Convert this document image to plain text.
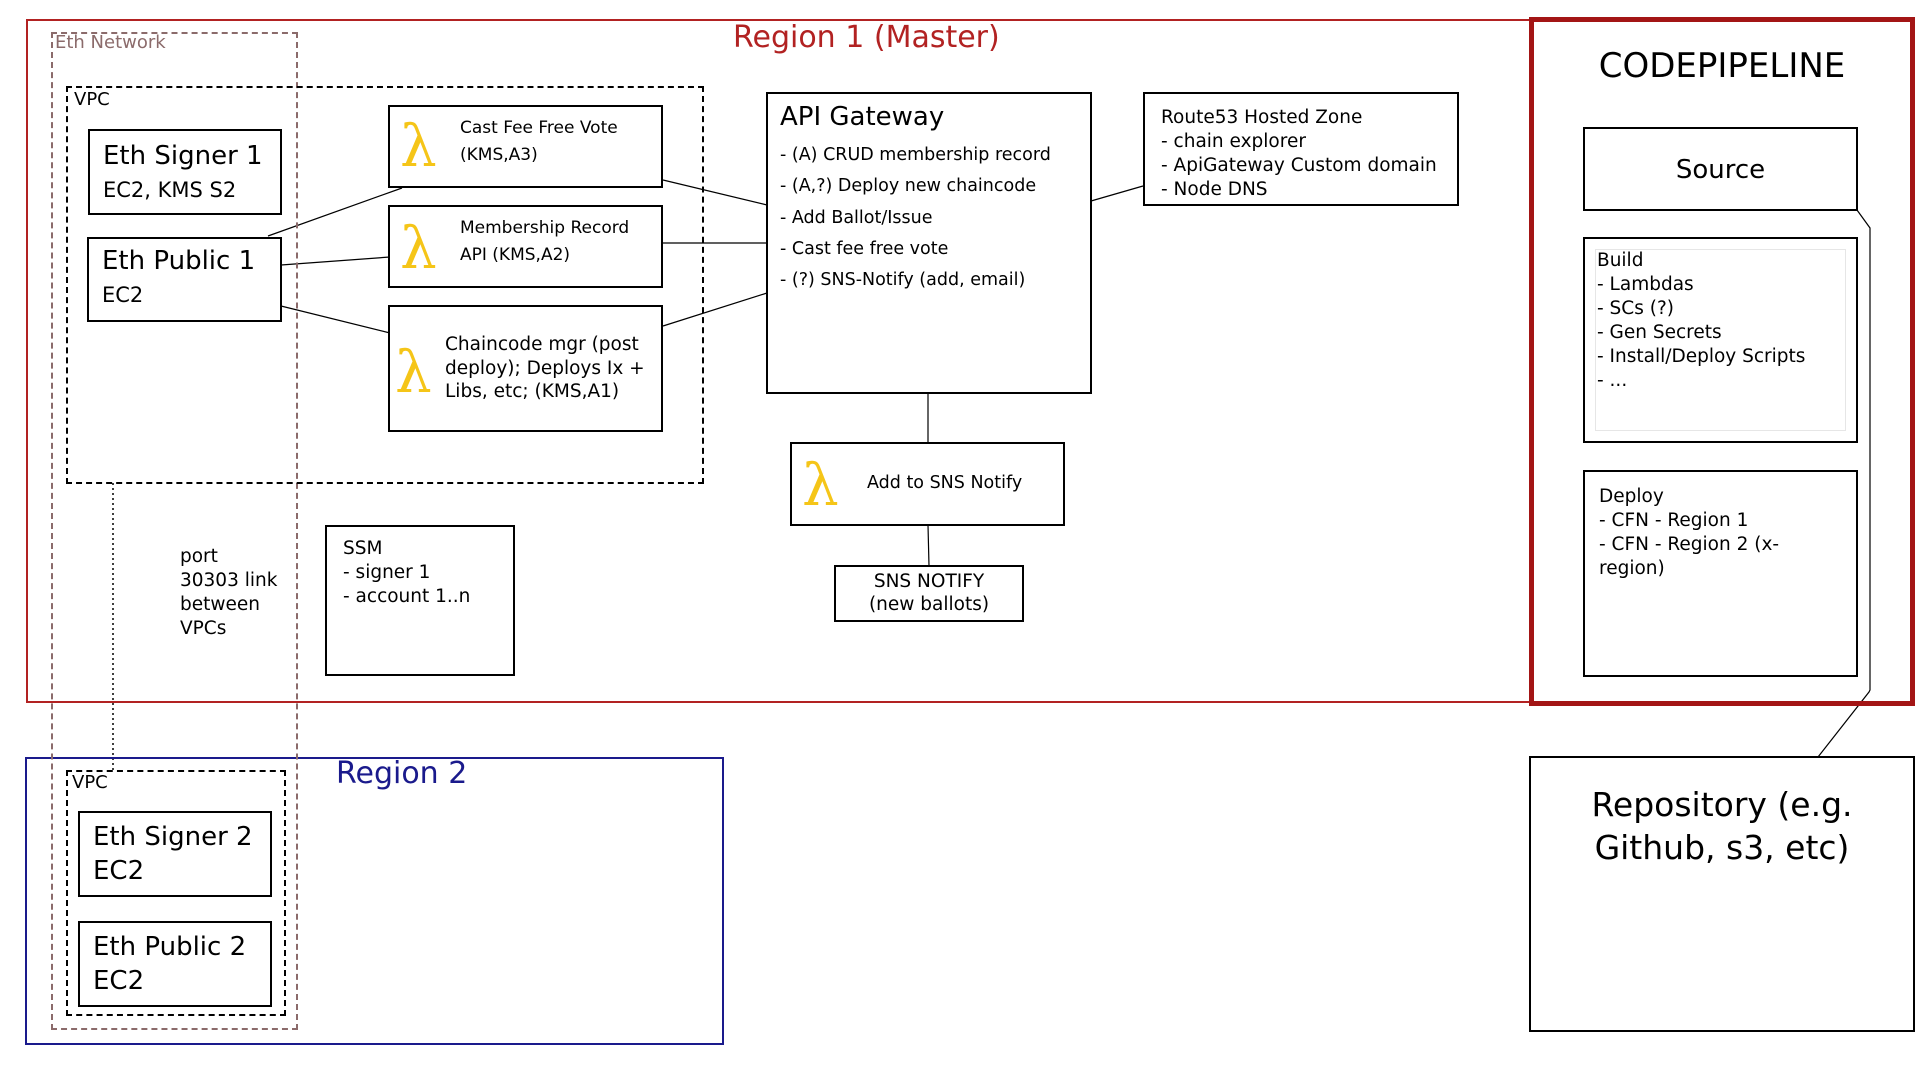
Region 1 (Master)
Region 2
Eth Network
VPC
Eth Signer 1
EC2, KMS S2
Eth Public 1
EC2
λ Cast Fee Free Vote
(KMS,A3)
λ Membership Record
API (KMS,A2)
λ Chaincode mgr (post
deploy); Deploys Ix +
Libs, etc; (KMS,A1)
API Gateway
- (A) CRUD membership record
- (A,?) Deploy new chaincode
- Add Ballot/Issue
- Cast fee free vote
- (?) SNS-Notify (add, email)
Route53 Hosted Zone
- chain explorer
- ApiGateway Custom domain
- Node DNS
λ Add to SNS Notify
SNS NOTIFY
(new ballots)
SSM
- signer 1
- account 1..n
port
30303 link
between
VPCs
VPC
Eth Signer 2
EC2
Eth Public 2
EC2
CODEPIPELINE
Source
Build
- Lambdas
- SCs (?)
- Gen Secrets
- Install/Deploy Scripts
- ...
Deploy
- CFN - Region 1
- CFN - Region 2 (x-
region)
Repository (e.g.
Github, s3, etc)
